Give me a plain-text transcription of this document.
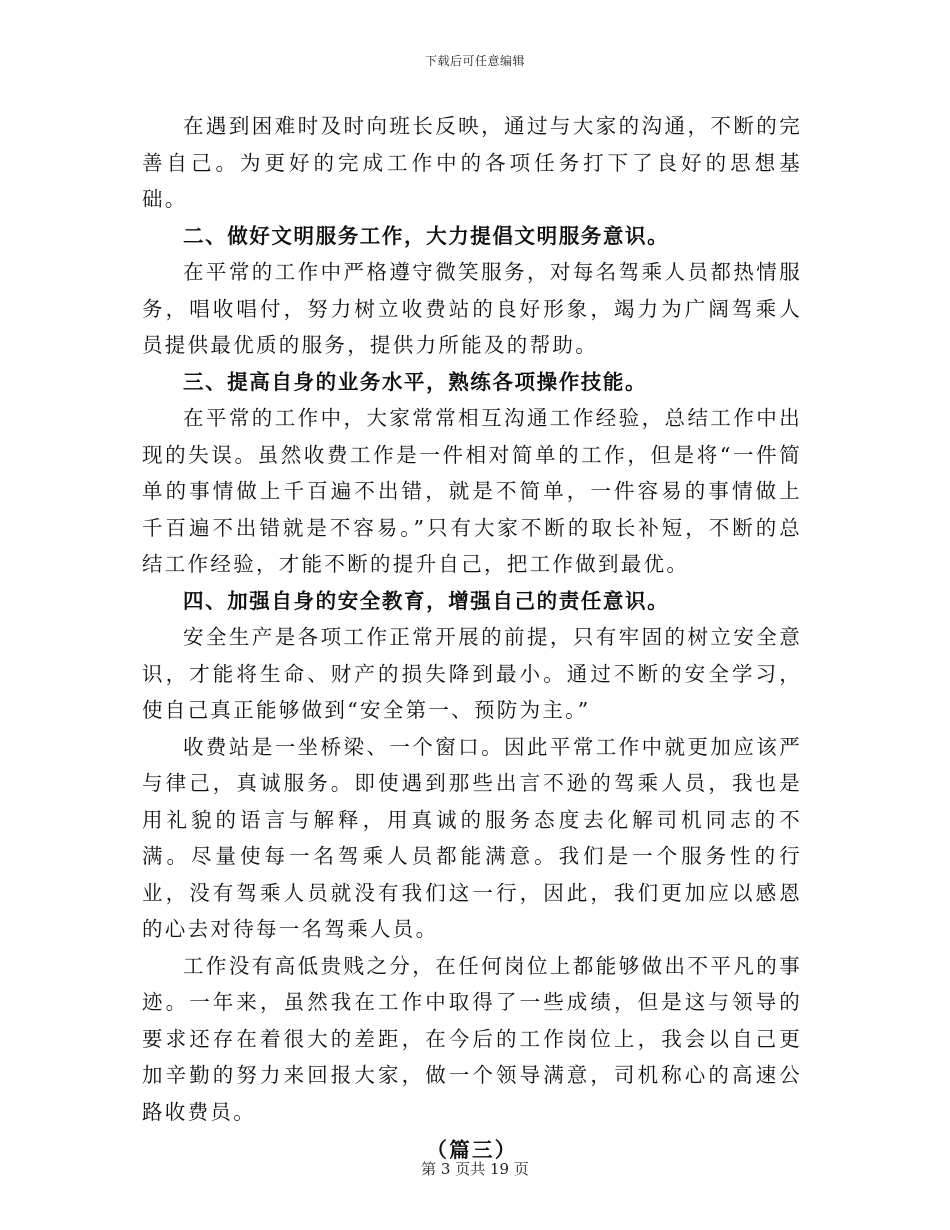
下载后可任意编辑

在遇到困难时及时向班长反映，通过与大家的沟通，不断的完善自己。为更好的完成工作中的各项任务打下了良好的思想基础。

二、做好文明服务工作，大力提倡文明服务意识。

在平常的工作中严格遵守微笑服务，对每名驾乘人员都热情服务，唱收唱付，努力树立收费站的良好形象，竭力为广阔驾乘人员提供最优质的服务，提供力所能及的帮助。

三、提高自身的业务水平，熟练各项操作技能。

在平常的工作中，大家常常相互沟通工作经验，总结工作中出现的失误。虽然收费工作是一件相对简单的工作，但是将“一件简单的事情做上千百遍不出错，就是不简单，一件容易的事情做上千百遍不出错就是不容易。”只有大家不断的取长补短，不断的总结工作经验，才能不断的提升自己，把工作做到最优。

四、加强自身的安全教育，增强自己的责任意识。

安全生产是各项工作正常开展的前提，只有牢固的树立安全意识，才能将生命、财产的损失降到最小。通过不断的安全学习，使自己真正能够做到“安全第一、预防为主。”

收费站是一坐桥梁、一个窗口。因此平常工作中就更加应该严与律己，真诚服务。即使遇到那些出言不逊的驾乘人员，我也是用礼貌的语言与解释，用真诚的服务态度去化解司机同志的不满。尽量使每一名驾乘人员都能满意。我们是一个服务性的行业，没有驾乘人员就没有我们这一行，因此，我们更加应以感恩的心去对待每一名驾乘人员。

工作没有高低贵贱之分，在任何岗位上都能够做出不平凡的事迹。一年来，虽然我在工作中取得了一些成绩，但是这与领导的要求还存在着很大的差距，在今后的工作岗位上，我会以自己更加辛勤的努力来回报大家，做一个领导满意，司机称心的高速公路收费员。

（篇三）

第 3 页共 19 页
